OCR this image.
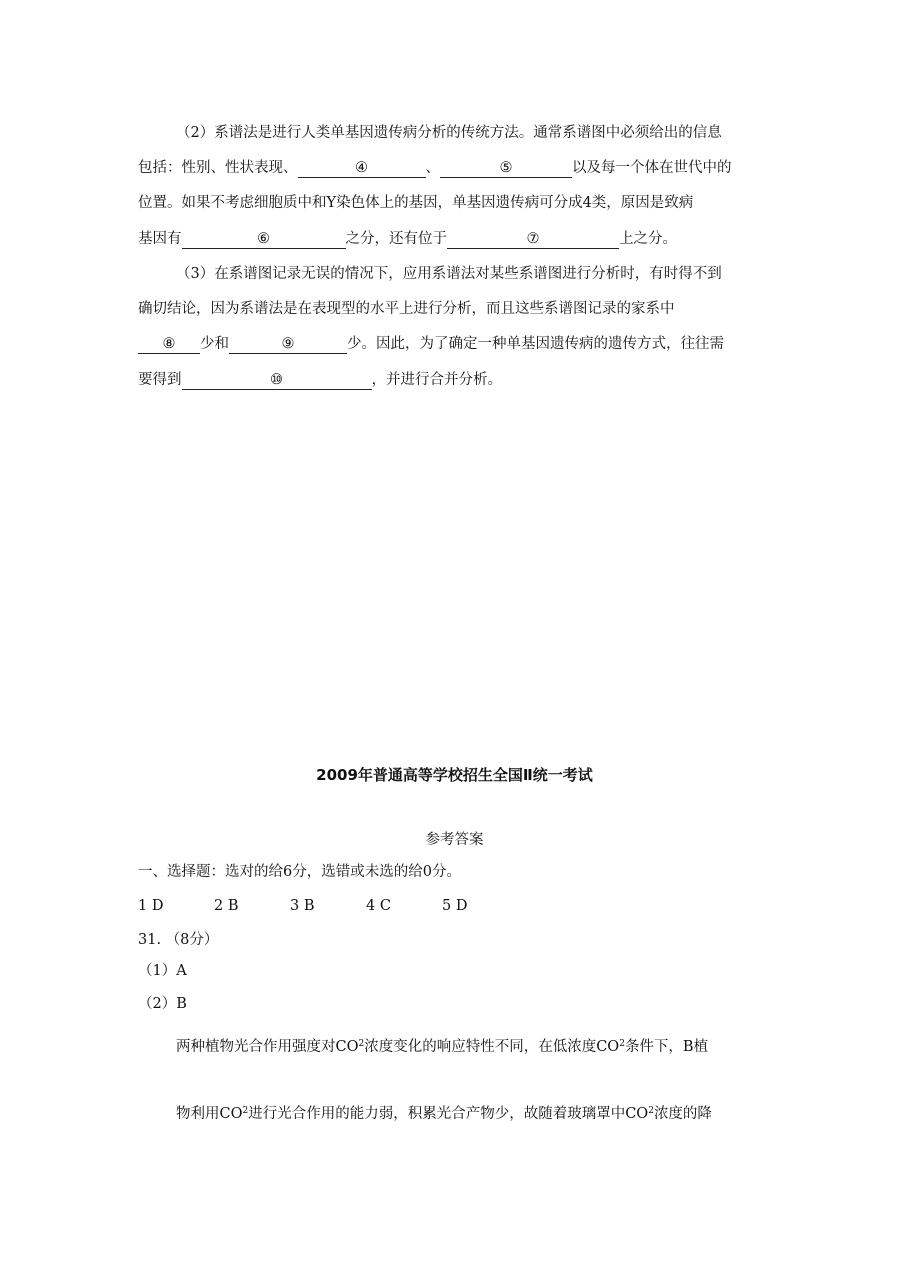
（2）系谱法是进行人类单基因遗传病分析的传统方法。通常系谱图中必须给出的信息
包括：性别、性状表现、	④	、	⑤	以及每一个体在世代中的
位置。如果不考虑细胞质中和Y染色体上的基因，单基因遗传病可分成4类，原因是致病
基因有	⑥	之分，还有位于	⑦	上之分。
（3）在系谱图记录无误的情况下，应用系谱法对某些系谱图进行分析时，有时得不到
确切结论，因为系谱法是在表现型的水平上进行分析，而且这些系谱图记录的家系中
⑧ 少和	⑨	少。因此，为了确定一种单基因遗传病的遗传方式，往往需
要得到	⑩	，并进行合并分析。
2009年普通高等学校招生全国Ⅱ统一考试
参考答案
一、选择题：选对的给6分，选错或未选的给0分。
1 D	2 B	3 B	4 C	5 D
31. （8分）
（1）A
（2）B
两种植物光合作用强度对$CO^2$浓度变化的响应特性不同，在低浓度$CO^2$条件下，B植
物利用$CO^2$进行光合作用的能力弱，积累光合产物少，故随着玻璃罩中$CO^2$浓度的降
